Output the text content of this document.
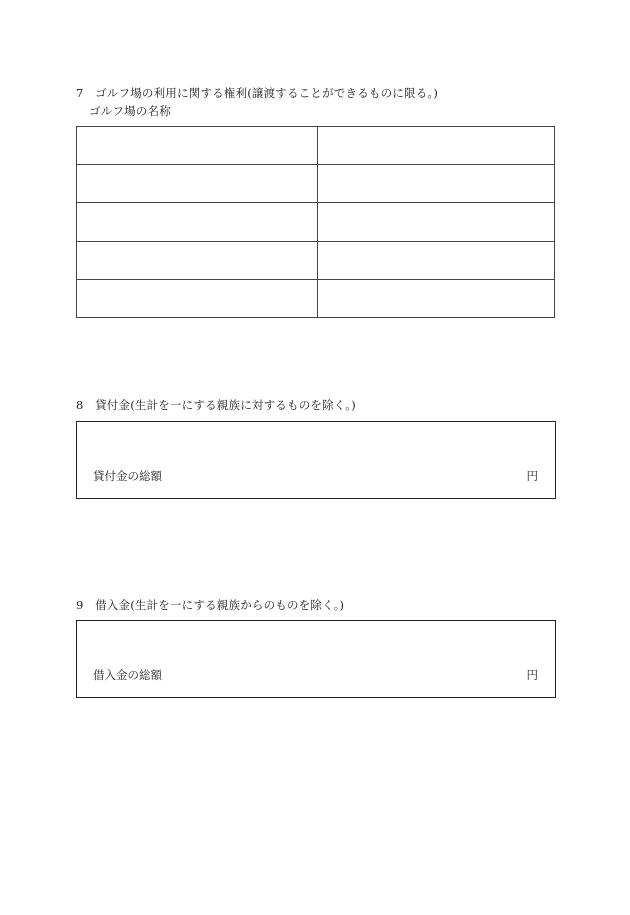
7 ゴルフ場の利用に関する権利(譲渡することができるものに限る。)
ゴルフ場の名称

8 貸付金(生計を一にする親族に対するものを除く。)
貸付金の総額	円
9 借入金(生計を一にする親族からのものを除く。)
借入金の総額	円
